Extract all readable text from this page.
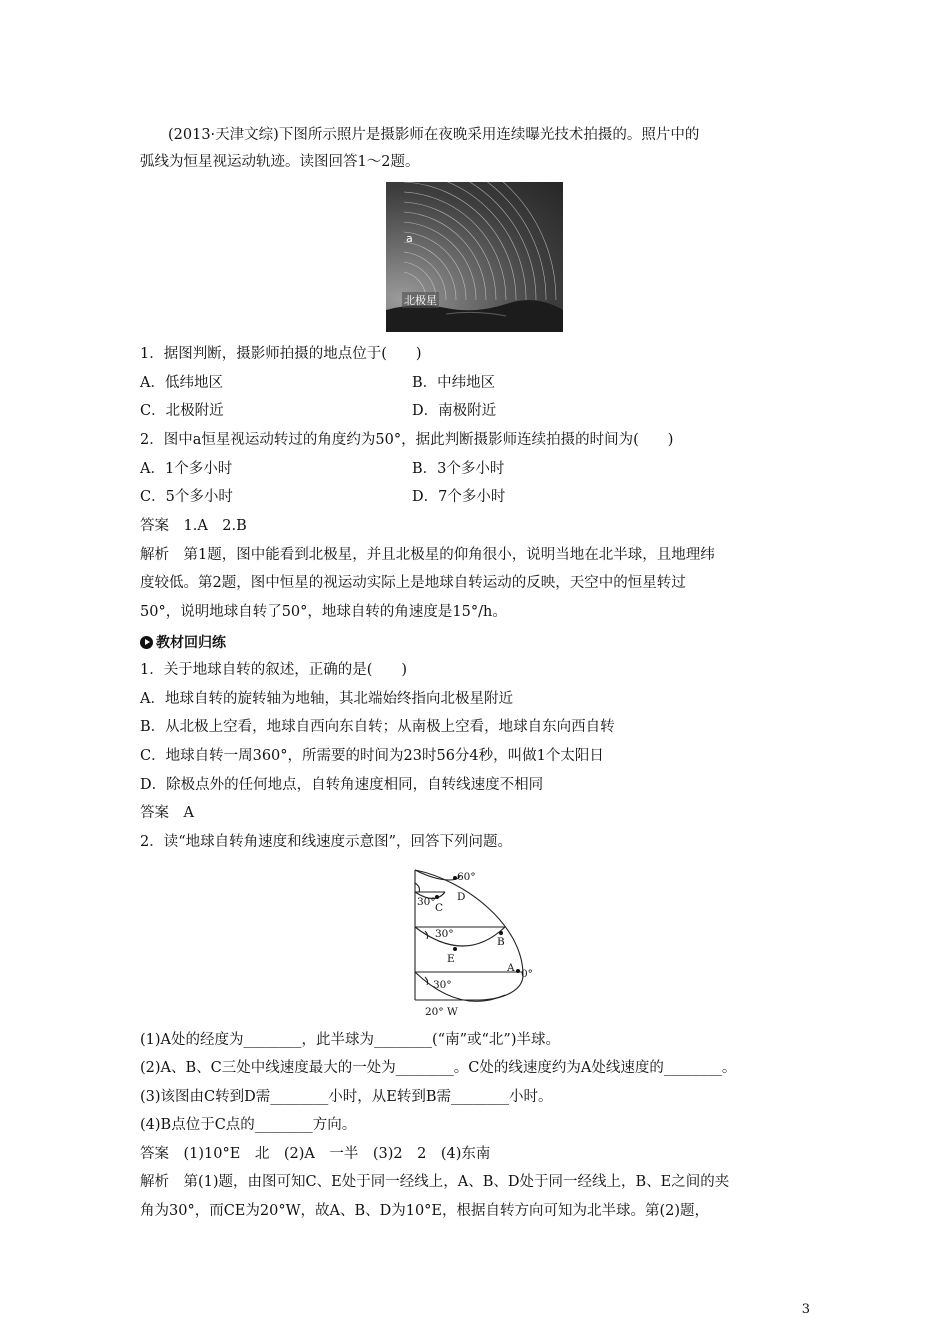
(2013·天津文综)下图所示照片是摄影师在夜晚采用连续曝光技术拍摄的。照片中的
弧线为恒星视运动轨迹。读图回答1～2题。
a
北极星
1．据图判断，摄影师拍摄的地点位于(　　)
A．低纬地区	B．中纬地区
C．北极附近	D．南极附近
2．图中a恒星视运动转过的角度约为50°，据此判断摄影师连续拍摄的时间为(　　)
A．1个多小时	B．3个多小时
C．5个多小时	D．7个多小时
答案　1.A　2.B
解析　第1题，图中能看到北极星，并且北极星的仰角很小，说明当地在北半球，且地理纬
度较低。第2题，图中恒星的视运动实际上是地球自转运动的反映，天空中的恒星转过
50°，说明地球自转了50°，地球自转的角速度是15°/h。
教材回归练
1．关于地球自转的叙述，正确的是(　　)
A．地球自转的旋转轴为地轴，其北端始终指向北极星附近
B．从北极上空看，地球自西向东自转；从南极上空看，地球自东向西自转
C．地球自转一周360°，所需要的时间为23时56分4秒，叫做1个太阳日
D．除极点外的任何地点，自转角速度相同，自转线速度不相同
答案　A
2．读“地球自转角速度和线速度示意图”，回答下列问题。
60°
D
30° C
30°
B
E
A 0°
30°
20° W
(1)A处的经度为________，此半球为________(“南”或“北”)半球。
(2)A、B、C三处中线速度最大的一处为________。C处的线速度约为A处线速度的________。
(3)该图由C转到D需________小时，从E转到B需________小时。
(4)B点位于C点的________方向。
答案　(1)10°E　北　(2)A　一半　(3)2　2　(4)东南
解析　第(1)题，由图可知C、E处于同一经线上，A、B、D处于同一经线上，B、E之间的夹
角为30°，而CE为20°W，故A、B、D为10°E，根据自转方向可知为北半球。第(2)题，
3
